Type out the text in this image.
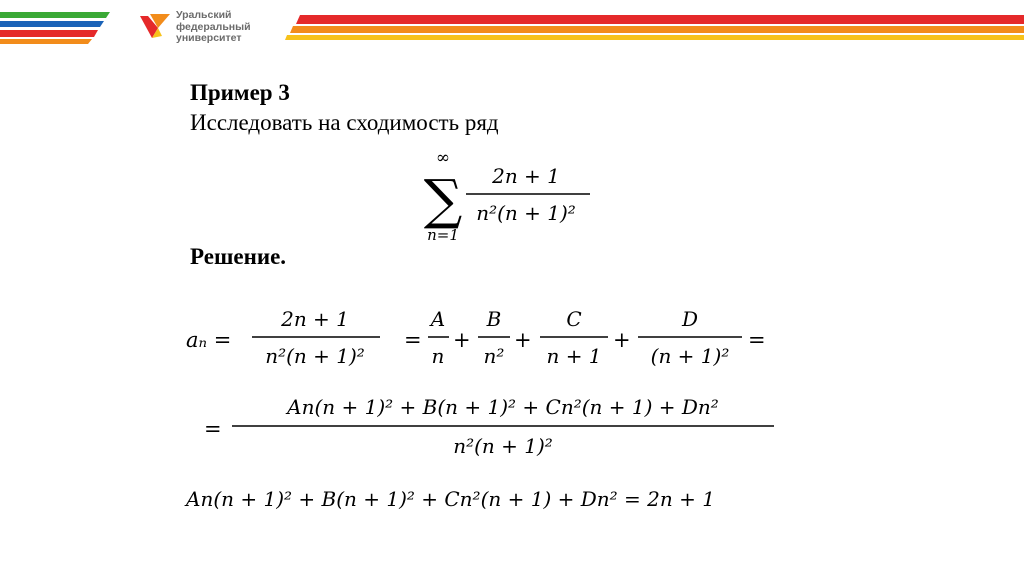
Уральский
федеральный
университет
Пример 3
Исследовать на сходимость ряд
Решение.
∞
∑
n=1
2n + 1
n²(n + 1)²
aₙ =
2n + 1
n²(n + 1)²
=
A
n
+
B
n²
+
C
n + 1
+
D
(n + 1)²
=
=
An(n + 1)² + B(n + 1)² + Cn²(n + 1) + Dn²
n²(n + 1)²
An(n + 1)² + B(n + 1)² + Cn²(n + 1) + Dn² = 2n + 1
